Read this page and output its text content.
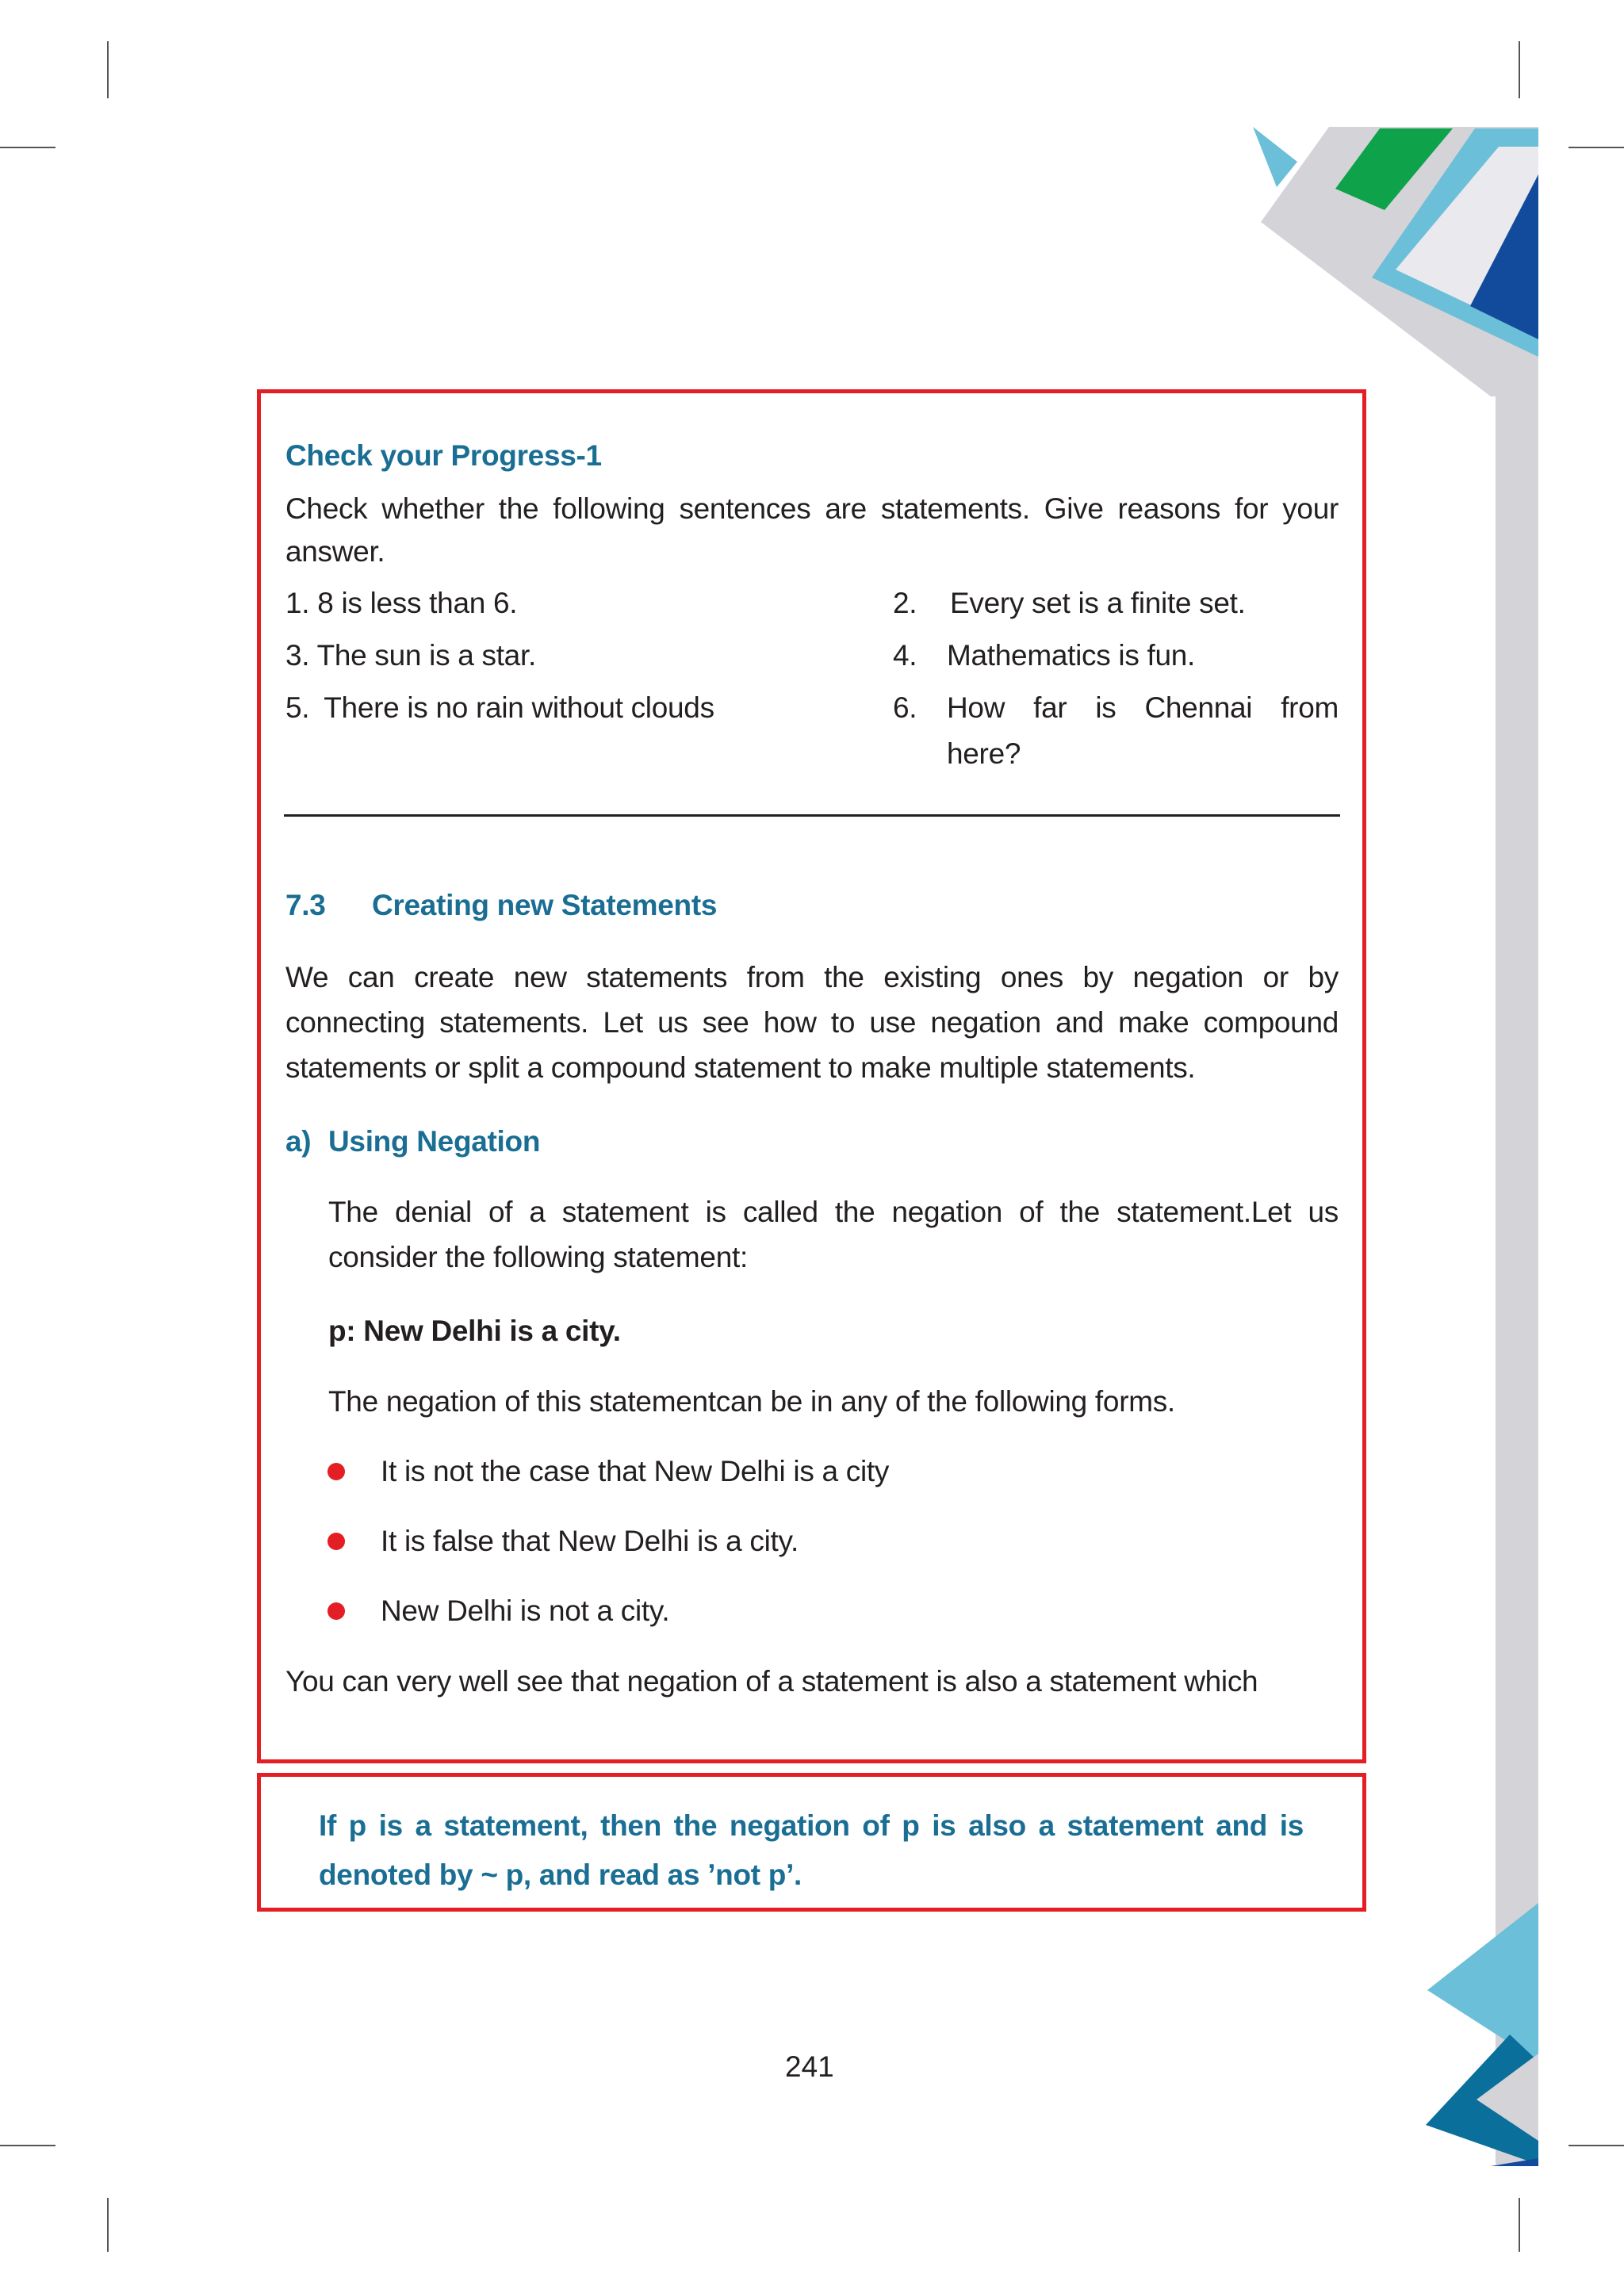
Check your Progress-1
Check whether the following sentences are statements. Give reasons for your
answer.
1. 8 is less than 6.
3. The sun is a star.
5. There is no rain without clouds
2. Every set is a finite set.
4. Mathematics is fun.
6. How far is Chennai from
here?
7.3 Creating new Statements
We can create new statements from the existing ones by negation or by
connecting statements. Let us see how to use negation and make compound
statements or split a compound statement to make multiple statements.
a) Using Negation
The denial of a statement is called the negation of the statement.Let us
consider the following statement:
p: New Delhi is a city.
The negation of this statementcan be in any of the following forms.
It is not the case that New Delhi is a city
It is false that New Delhi is a city.
New Delhi is not a city.
You can very well see that negation of a statement is also a statement which
If p is a statement, then the negation of p is also a statement and is
denoted by ~ p, and read as ’not p’.
241
